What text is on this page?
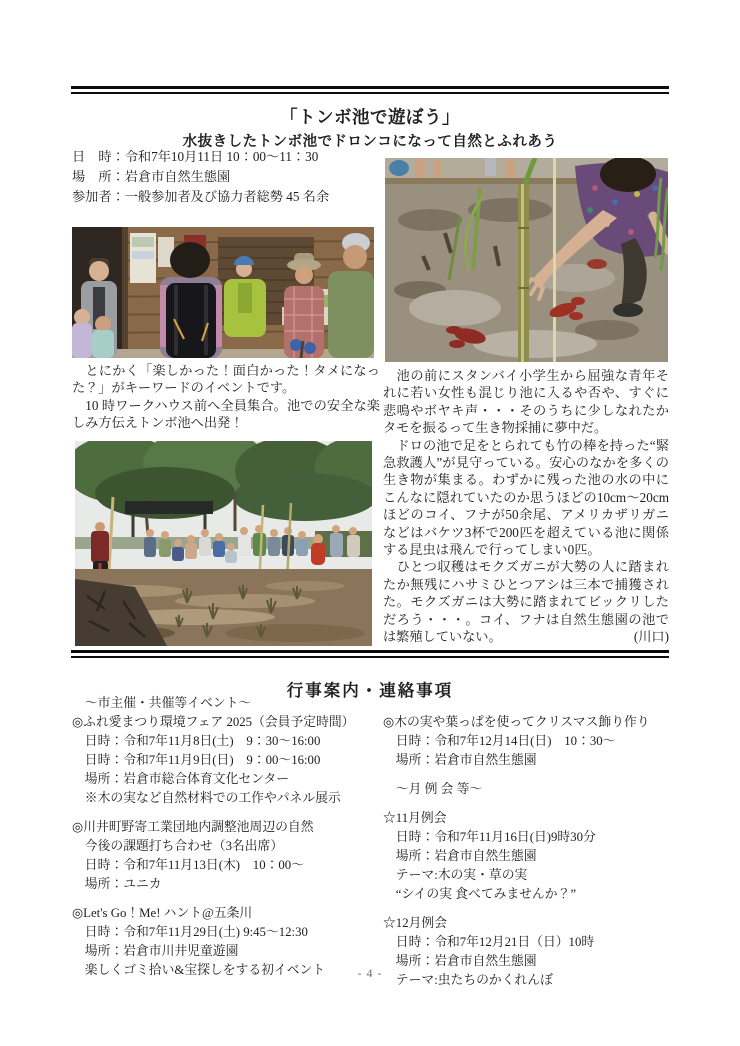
「トンボ池で遊ぼう」
水抜きしたトンボ池でドロンコになって自然とふれあう
日　時：令和7年10月11日 10：00～11：30
場　所：岩倉市自然生態園
参加者：一般参加者及び協力者総勢 45 名余

　とにかく「楽しかった！面白かった！タメになった？」がキーワードのイベントです。

　10 時ワークハウス前へ全員集合。池での安全な楽しみ方伝えトンボ池へ出発！

　池の前にスタンバイ小学生から屈強な青年それに若い女性も混じり池に入るや否や、すぐに悲鳴やボヤキ声・・・そのうちに少しなれたかタモを振るって生き物採捕に夢中だ。

　ドロの池で足をとられても竹の棒を持った“緊急救護人”が見守っている。安心のなかを多くの生き物が集まる。わずかに残った池の水の中にこんなに隠れていたのか思うほどの10cm～20cmほどのコイ、フナが50余尾、アメリカザリガニなどはバケツ3杯で200匹を超えている池に関係する昆虫は飛んで行ってしまい0匹。

　ひとつ収穫はモクズガニが大勢の人に踏まれたか無残にハサミひとつアシは三本で捕獲された。モクズガニは大勢に踏まれてビックリしただろう・・・。コイ、フナは自然生態園の池では繁殖していない。	(川口)

行事案内・連絡事項
　～市主催・共催等イベント～
◎ふれ愛まつり環境フェア 2025（会員予定時間）
　日時：令和7年11月8日(土)　9：30～16:00
　日時：令和7年11月9日(日)　9：00～16:00
　場所：岩倉市総合体育文化センター
　※木の実など自然材料での工作やパネル展示
◎川井町野寄工業団地内調整池周辺の自然
　今後の課題打ち合わせ（3名出席）
　日時：令和7年11月13日(木)　10：00～
　場所：ユニカ
◎Let's Go！Me! ハント@五条川
　日時：令和7年11月29日(土) 9:45～12:30
　場所：岩倉市川井児童遊園
　楽しくゴミ拾い&宝探しをする初イベント
◎木の実や葉っぱを使ってクリスマス飾り作り
　日時：令和7年12月14日(日)　10：30～
　場所：岩倉市自然生態園
　～月 例 会 等～
☆11月例会
　日時：令和7年11月16日(日)9時30分
　場所：岩倉市自然生態園
　テーマ:木の実・草の実
　“シイの実 食べてみませんか？”
☆12月例会
　日時：令和7年12月21日（日）10時
　場所：岩倉市自然生態園
　テーマ:虫たちのかくれんぼ
- 4 -
